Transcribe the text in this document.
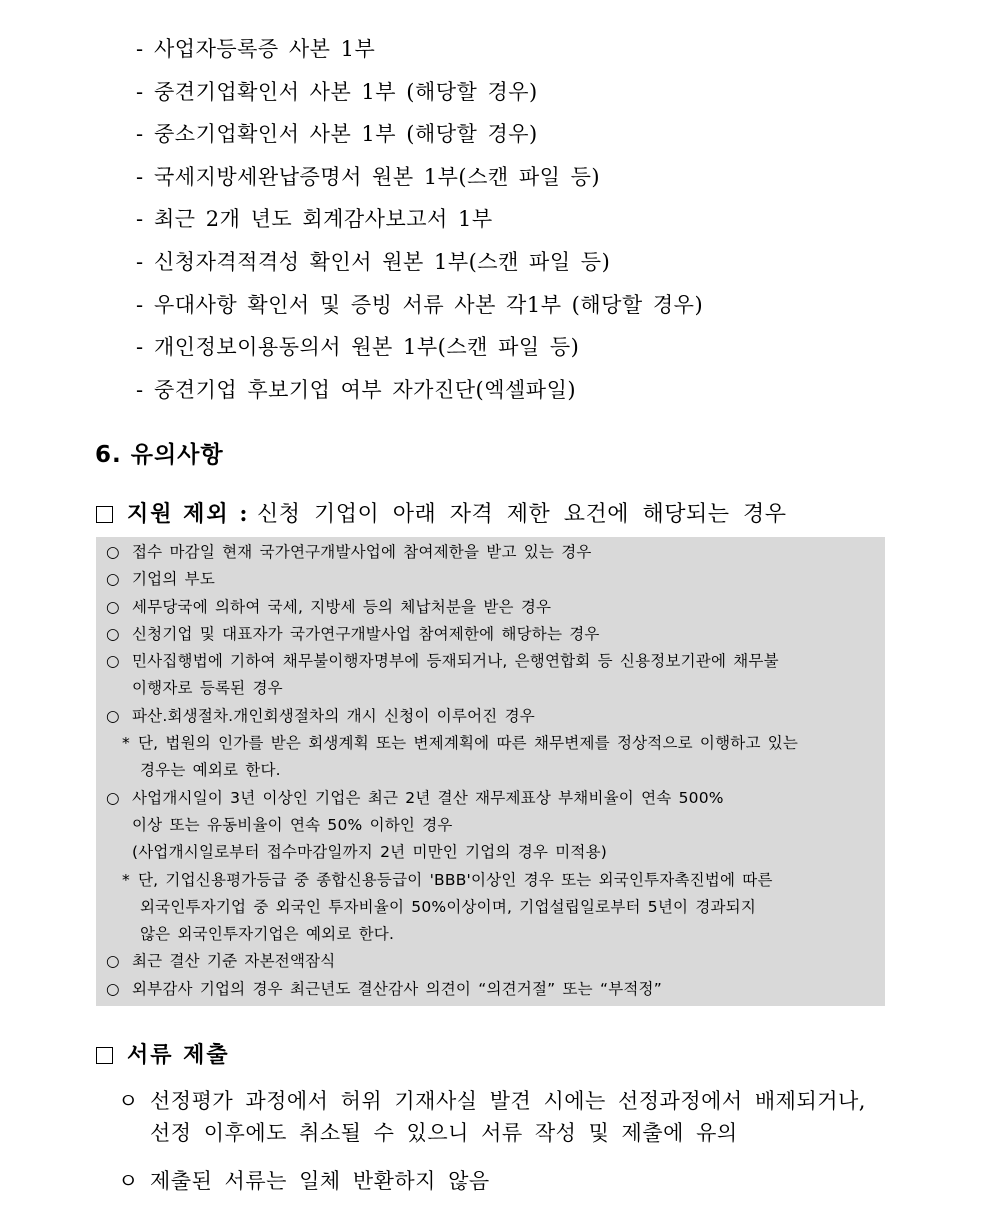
- 사업자등록증 사본 1부
- 중견기업확인서 사본 1부 (해당할 경우)
- 중소기업확인서 사본 1부 (해당할 경우)
- 국세지방세완납증명서 원본 1부(스캔 파일 등)
- 최근 2개 년도 회계감사보고서 1부
- 신청자격적격성 확인서 원본 1부(스캔 파일 등)
- 우대사항 확인서 및 증빙 서류 사본 각1부 (해당할 경우)
- 개인정보이용동의서 원본 1부(스캔 파일 등)
- 중견기업 후보기업 여부 자가진단(엑셀파일)
6. 유의사항
지원 제외 : 신청 기업이 아래 자격 제한 요건에 해당되는 경우
○ 접수 마감일 현재 국가연구개발사업에 참여제한을 받고 있는 경우
○ 기업의 부도
○ 세무당국에 의하여 국세, 지방세 등의 체납처분을 받은 경우
○ 신청기업 및 대표자가 국가연구개발사업 참여제한에 해당하는 경우
○ 민사집행법에 기하여 채무불이행자명부에 등재되거나, 은행연합회 등 신용정보기관에 채무불
이행자로 등록된 경우
○ 파산.회생절차.개인회생절차의 개시 신청이 이루어진 경우
* 단, 법원의 인가를 받은 회생계획 또는 변제계획에 따른 채무변제를 정상적으로 이행하고 있는
경우는 예외로 한다.
○ 사업개시일이 3년 이상인 기업은 최근 2년 결산 재무제표상 부채비율이 연속 500%
이상 또는 유동비율이 연속 50% 이하인 경우
(사업개시일로부터 접수마감일까지 2년 미만인 기업의 경우 미적용)
* 단, 기업신용평가등급 중 종합신용등급이 'BBB'이상인 경우 또는 외국인투자촉진법에 따른
외국인투자기업 중 외국인 투자비율이 50%이상이며, 기업설립일로부터 5년이 경과되지
않은 외국인투자기업은 예외로 한다.
○ 최근 결산 기준 자본전액잠식
○ 외부감사 기업의 경우 최근년도 결산감사 의견이 “의견거절” 또는 “부적정”
서류 제출
ㅇ 선정평가 과정에서 허위 기재사실 발견 시에는 선정과정에서 배제되거나,
선정 이후에도 취소될 수 있으니 서류 작성 및 제출에 유의
ㅇ 제출된 서류는 일체 반환하지 않음
